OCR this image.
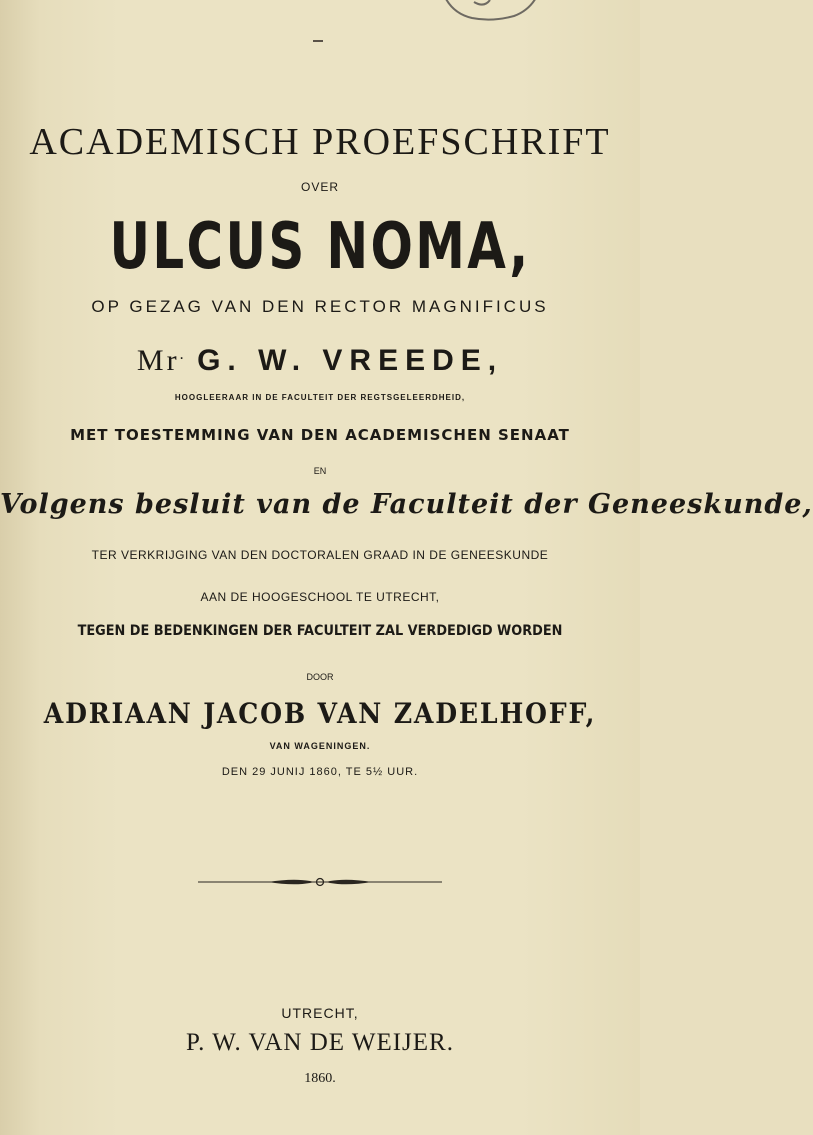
ACADEMISCH PROEFSCHRIFT
OVER
ULCUS NOMA,
OP GEZAG VAN DEN RECTOR MAGNIFICUS
Mr. G. W. VREEDE,
HOOGLEERAAR IN DE FACULTEIT DER REGTSGELEERDHEID,
MET TOESTEMMING VAN DEN ACADEMISCHEN SENAAT
EN
Volgens besluit van de Faculteit der Geneeskunde,
TER VERKRIJGING VAN DEN DOCTORALEN GRAAD IN DE GENEESKUNDE
AAN DE HOOGESCHOOL TE UTRECHT,
TEGEN DE BEDENKINGEN DER FACULTEIT ZAL VERDEDIGD WORDEN
DOOR
ADRIAAN JACOB VAN ZADELHOFF,
VAN WAGENINGEN.
DEN 29 JUNIJ 1860, TE 5½ UUR.
UTRECHT,
P. W. VAN DE WEIJER.
1860.
